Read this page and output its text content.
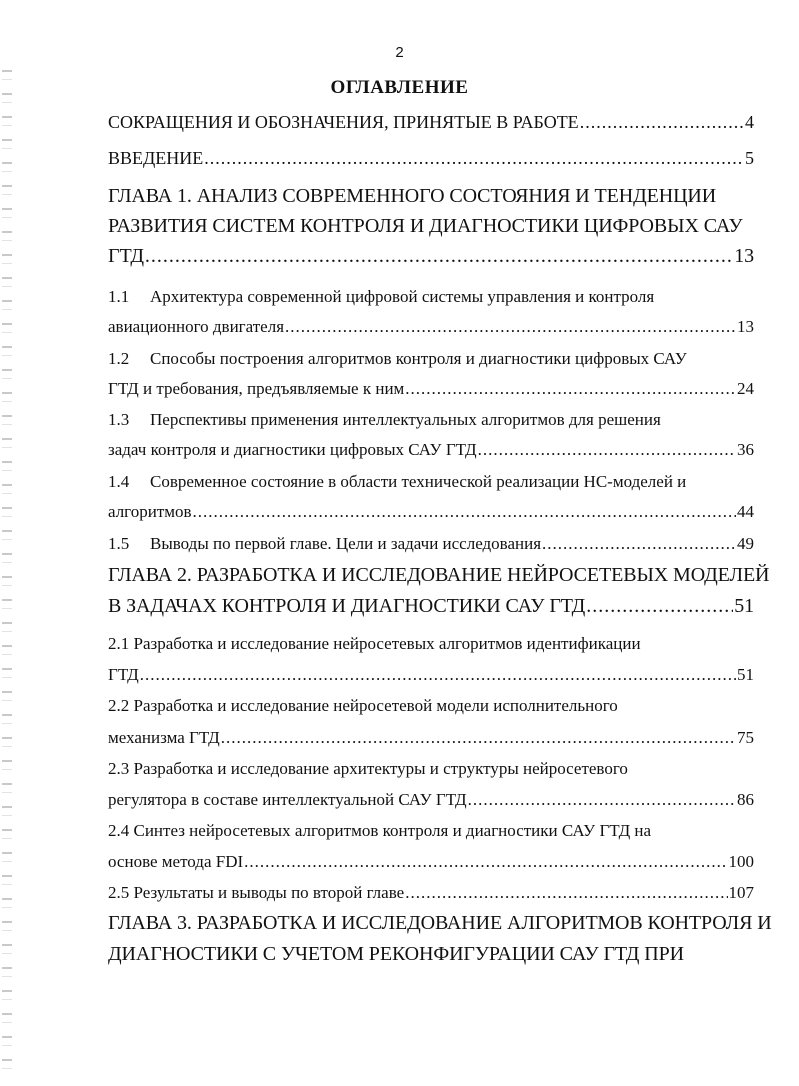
2
ОГЛАВЛЕНИЕ
СОКРАЩЕНИЯ И ОБОЗНАЧЕНИЯ, ПРИНЯТЫЕ В РАБОТЕ .....	4
ВВЕДЕНИЕ .....	5
ГЛАВА 1. АНАЛИЗ СОВРЕМЕННОГО СОСТОЯНИЯ И ТЕНДЕНЦИИ
РАЗВИТИЯ СИСТЕМ КОНТРОЛЯ И ДИАГНОСТИКИ ЦИФРОВЫХ САУ
ГТД .....	13
1.1 Архитектура современной цифровой системы управления и контроля
авиационного двигателя .....	13
1.2 Способы построения алгоритмов контроля и диагностики цифровых САУ
ГТД и требования, предъявляемые к ним .....	24
1.3 Перспективы применения интеллектуальных алгоритмов для решения
задач контроля и диагностики цифровых САУ ГТД .....	36
1.4 Современное состояние в области технической реализации НС-моделей и
алгоритмов .....	44
1.5 Выводы по первой главе. Цели и задачи исследования .....	49
ГЛАВА 2. РАЗРАБОТКА И ИССЛЕДОВАНИЕ НЕЙРОСЕТЕВЫХ МОДЕЛЕЙ
В ЗАДАЧАХ КОНТРОЛЯ И ДИАГНОСТИКИ САУ ГТД .....	51
2.1 Разработка и исследование нейросетевых алгоритмов идентификации
ГТД .....	51
2.2 Разработка и исследование нейросетевой модели исполнительного
механизма ГТД .....	75
2.3 Разработка и исследование архитектуры и структуры нейросетевого
регулятора в составе интеллектуальной САУ ГТД .....	86
2.4 Синтез нейросетевых алгоритмов контроля и диагностики САУ ГТД на
основе метода FDI .....	100
2.5 Результаты и выводы по второй главе .....	107
ГЛАВА 3. РАЗРАБОТКА И ИССЛЕДОВАНИЕ АЛГОРИТМОВ КОНТРОЛЯ И
ДИАГНОСТИКИ С УЧЕТОМ РЕКОНФИГУРАЦИИ САУ ГТД ПРИ
